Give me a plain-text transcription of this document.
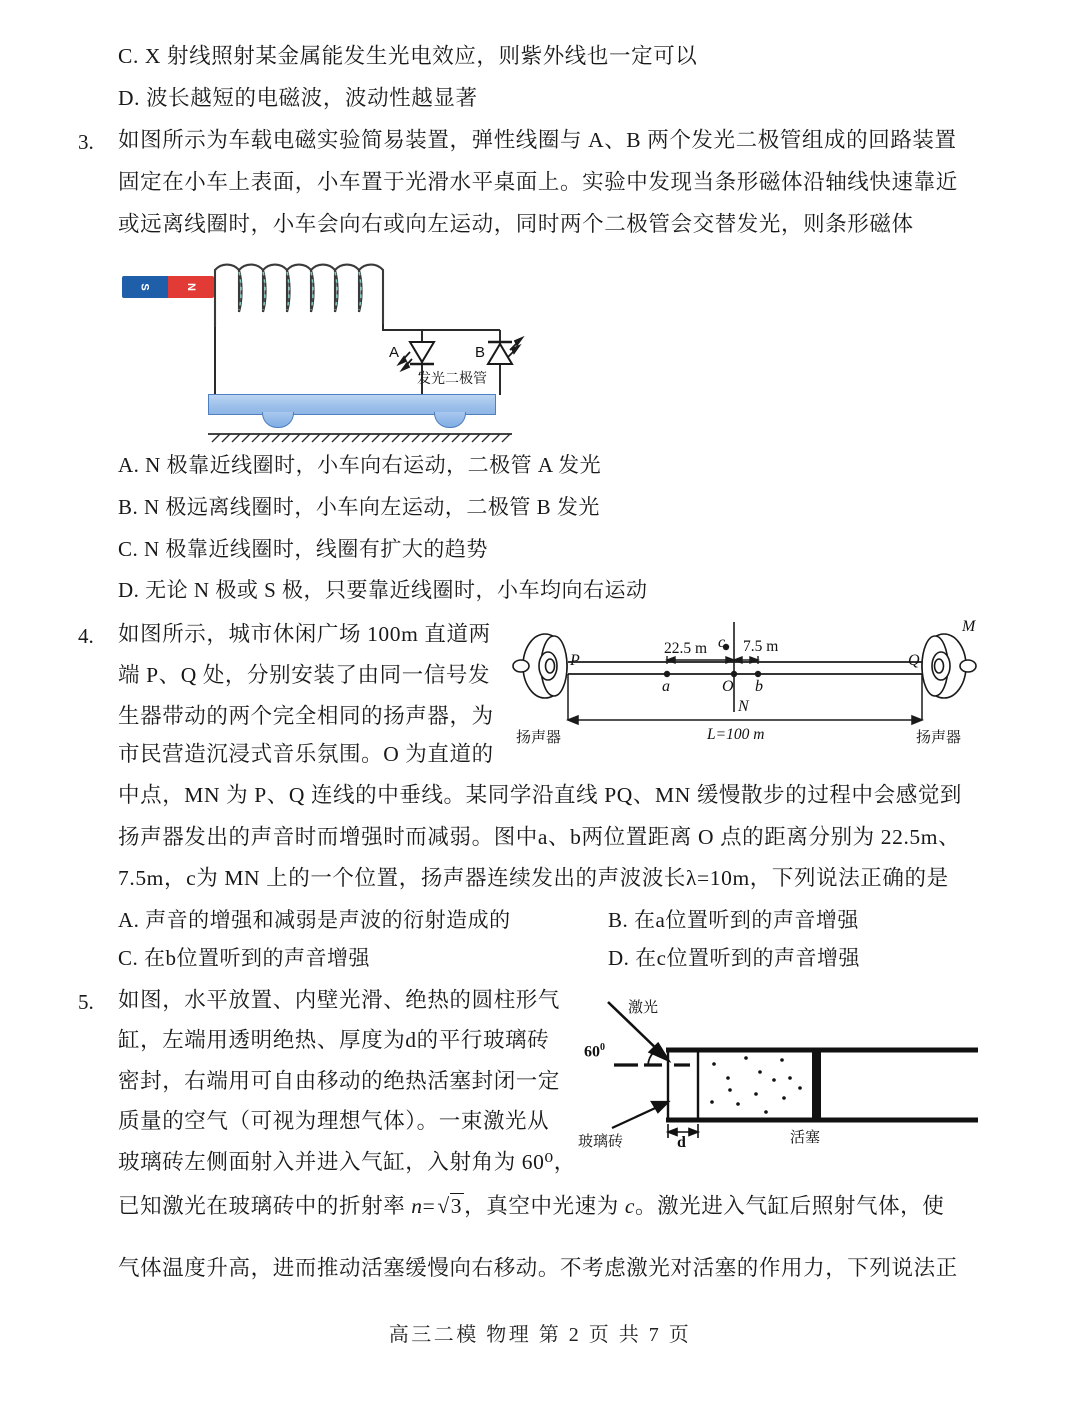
C. X 射线照射某金属能发生光电效应，则紫外线也一定可以
D. 波长越短的电磁波，波动性越显著
3. 如图所示为车载电磁实验简易装置，弹性线圈与 A、B 两个发光二极管组成的回路装置
固定在小车上表面，小车置于光滑水平桌面上。实验中发现当条形磁体沿轴线快速靠近
或远离线圈时，小车会向右或向左运动，同时两个二极管会交替发光，则条形磁体
S	N
A	B
发光二极管
A. N 极靠近线圈时，小车向右运动，二极管 A 发光
B. N 极远离线圈时，小车向左运动，二极管 B 发光
C. N 极靠近线圈时，线圈有扩大的趋势
D. 无论 N 极或 S 极，只要靠近线圈时，小车均向右运动
4. 如图所示，城市休闲广场 100m 直道两
端 P、Q 处，分别安装了由同一信号发
生器带动的两个完全相同的扬声器，为
市民营造沉浸式音乐氛围。O 为直道的
P	Q
M
N
a	O b
c
22.5 m 7.5 m
L=100 m
扬声器	扬声器
中点，MN 为 P、Q 连线的中垂线。某同学沿直线 PQ、MN 缓慢散步的过程中会感觉到
扬声器发出的声音时而增强时而减弱。图中a、b两位置距离 O 点的距离分别为 22.5m、
7.5m，c为 MN 上的一个位置，扬声器连续发出的声波波长λ=10m，下列说法正确的是
A. 声音的增强和减弱是声波的衍射造成的	B. 在a位置听到的声音增强
C. 在b位置听到的声音增强	D. 在c位置听到的声音增强
5. 如图，水平放置、内壁光滑、绝热的圆柱形气
缸，左端用透明绝热、厚度为d的平行玻璃砖
密封，右端用可自由移动的绝热活塞封闭一定
质量的空气（可视为理想气体）。一束激光从
玻璃砖左侧面射入并进入气缸，入射角为 60⁰，
激光
$60^0$
玻璃砖	d	活塞
已知激光在玻璃砖中的折射率 n=√3，真空中光速为 c。激光进入气缸后照射气体，使
气体温度升高，进而推动活塞缓慢向右移动。不考虑激光对活塞的作用力，下列说法正
高三二模 物理 第 2 页 共 7 页
